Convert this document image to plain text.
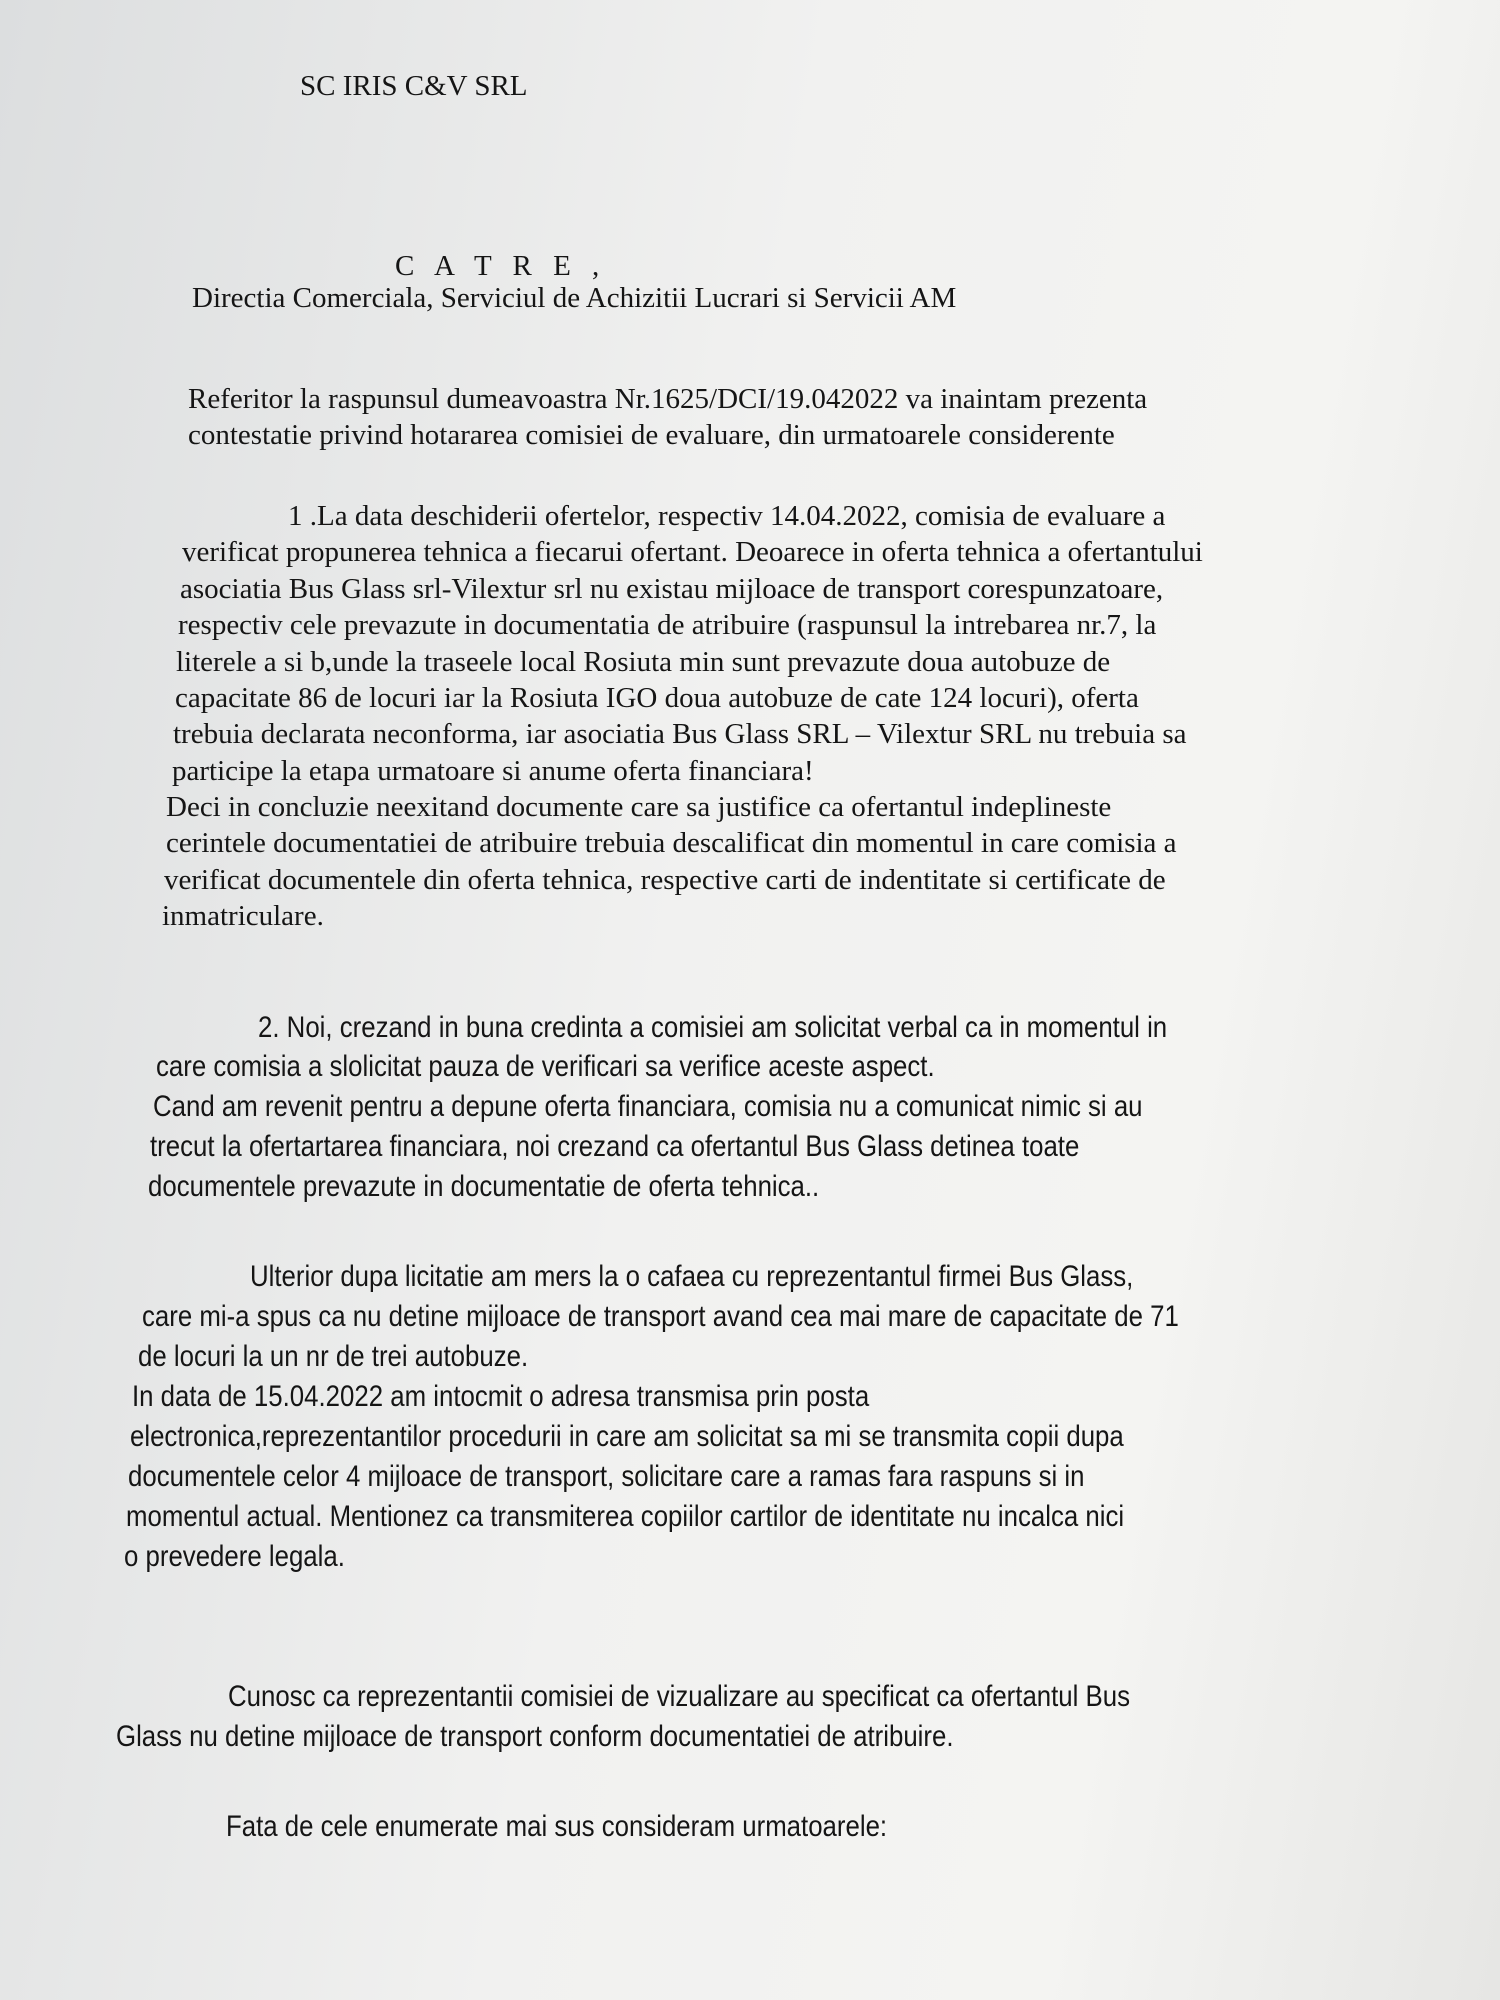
SC IRIS C&V SRL
C A T R E ,
Directia Comerciala, Serviciul de Achizitii Lucrari si Servicii AM
Referitor la raspunsul dumeavoastra Nr.1625/DCI/19.042022 va inaintam prezenta
contestatie privind hotararea comisiei de evaluare, din urmatoarele considerente
1 .La data deschiderii ofertelor, respectiv 14.04.2022, comisia de evaluare a
verificat propunerea tehnica a fiecarui ofertant. Deoarece in oferta tehnica a ofertantului
asociatia Bus Glass srl-Vilextur srl nu existau mijloace de transport corespunzatoare,
respectiv cele prevazute in documentatia de atribuire (raspunsul la intrebarea nr.7, la
literele a si b,unde la traseele local Rosiuta min sunt prevazute doua autobuze de
capacitate 86 de locuri iar la Rosiuta IGO doua autobuze de cate 124 locuri), oferta
trebuia declarata neconforma, iar asociatia Bus Glass SRL – Vilextur SRL nu trebuia sa
participe la etapa urmatoare si anume oferta financiara!
Deci in concluzie neexitand documente care sa justifice ca ofertantul indeplineste
cerintele documentatiei de atribuire trebuia descalificat din momentul in care comisia a
verificat documentele din oferta tehnica, respective carti de indentitate si certificate de
inmatriculare.
2. Noi, crezand in buna credinta a comisiei am solicitat verbal ca in momentul in
care comisia a slolicitat pauza de verificari sa verifice aceste aspect.
Cand am revenit pentru a depune oferta financiara, comisia nu a comunicat nimic si au
trecut la ofertartarea financiara, noi crezand ca ofertantul Bus Glass detinea toate
documentele prevazute in documentatie de oferta tehnica..
Ulterior dupa licitatie am mers la o cafaea cu reprezentantul firmei Bus Glass,
care mi-a spus ca nu detine mijloace de transport avand cea mai mare de capacitate de 71
de locuri la un nr de trei autobuze.
In data de 15.04.2022 am intocmit o adresa transmisa prin posta
electronica,reprezentantilor procedurii in care am solicitat sa mi se transmita copii dupa
documentele celor 4 mijloace de transport, solicitare care a ramas fara raspuns si in
momentul actual. Mentionez ca transmiterea copiilor cartilor de identitate nu incalca nici
o prevedere legala.
Cunosc ca reprezentantii comisiei de vizualizare au specificat ca ofertantul Bus
Glass nu detine mijloace de transport conform documentatiei de atribuire.
Fata de cele enumerate mai sus consideram urmatoarele:
